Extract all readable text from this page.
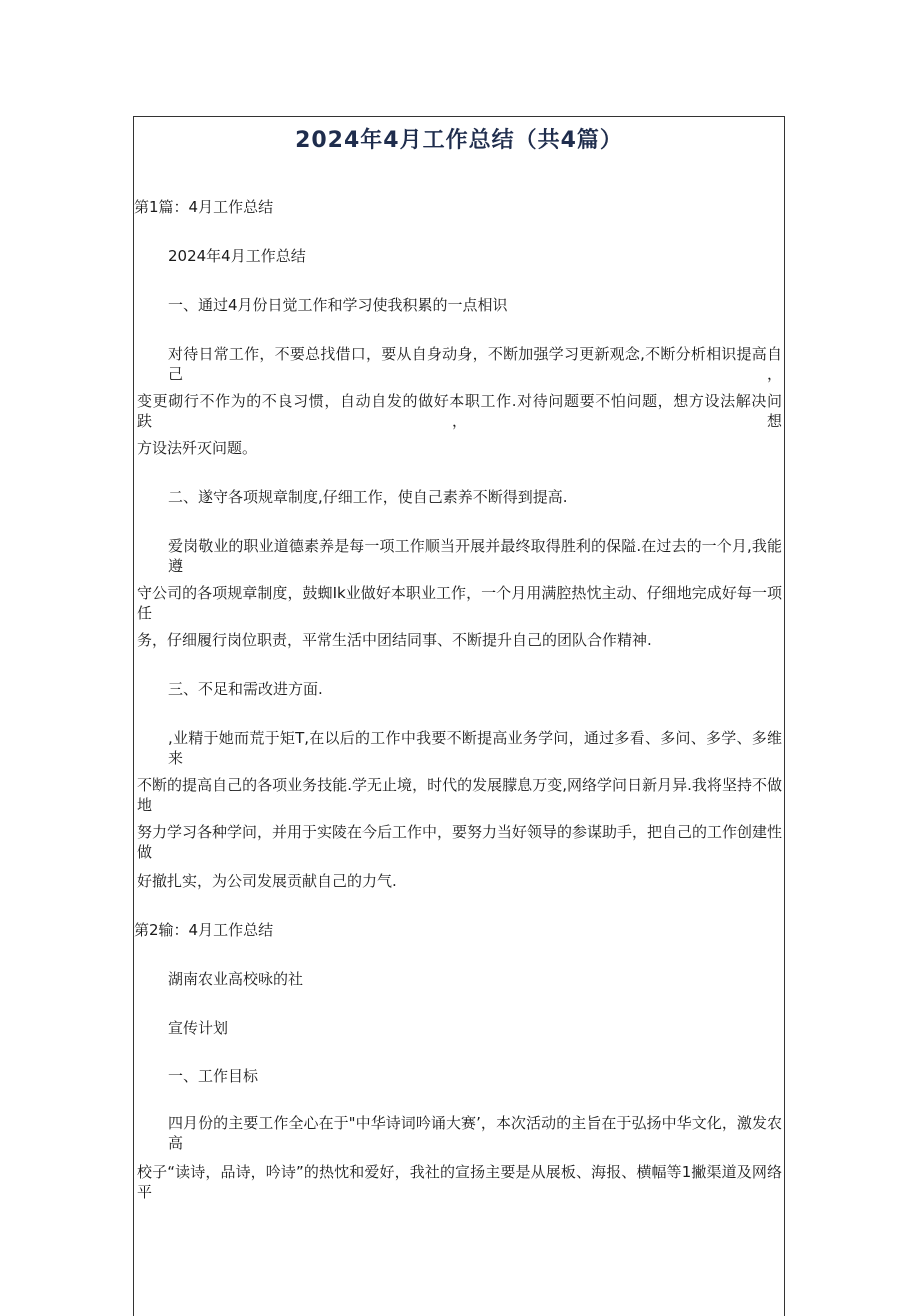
2024年4月工作总结（共4篇）
第1篇：4月工作总结
2024年4月工作总结
一、通过4月份日觉工作和学习使我积累的一点相识
对待日常工作，不要总找借口，要从自身动身，不断加强学习更新观念,不断分析相识提高自己，
变更砌行不作为的不良习惯，自动自发的做好本职工作.对待问题要不怕问题，想方设法解决问趺，想
方设法歼灭问题。
二、遂守各项规章制度,仔细工作，使自己素养不断得到提高.
爱岗敬业的职业道德素养是每一项工作顺当开展并最终取得胜利的保隘.在过去的一个月,我能遵
守公司的各项规章制度，鼓蜘Ik业做好本职业工作，一个月用满腔热忱主动、仔细地完成好每一项任
务，仔细履行岗位职责，平常生活中团结同事、不断提升自己的团队合作精神.
三、不足和需改进方面.
,业精于她而荒于矩T,在以后的工作中我要不断提高业务学问，通过多看、多问、多学、多维来
不断的提高自己的各项业务技能.学无止境，时代的发展朦息万变,网络学问日新月异.我将坚持不做地
努力学习各种学问，并用于实陵在今后工作中，要努力当好领导的参谋助手，把自己的工作创建性做
好撤扎实，为公司发展贡献自己的力气.
第2输：4月工作总结
湖南农业高校咏的社
宣传计划
一、工作目标
四月份的主要工作全心在于"中华诗词吟诵大赛’，本次活动的主旨在于弘扬中华文化，激发农高
校子“读诗，品诗，吟诗”的热忱和爱好，我社的宣扬主要是从展板、海报、横幅等1撇渠道及网络平
